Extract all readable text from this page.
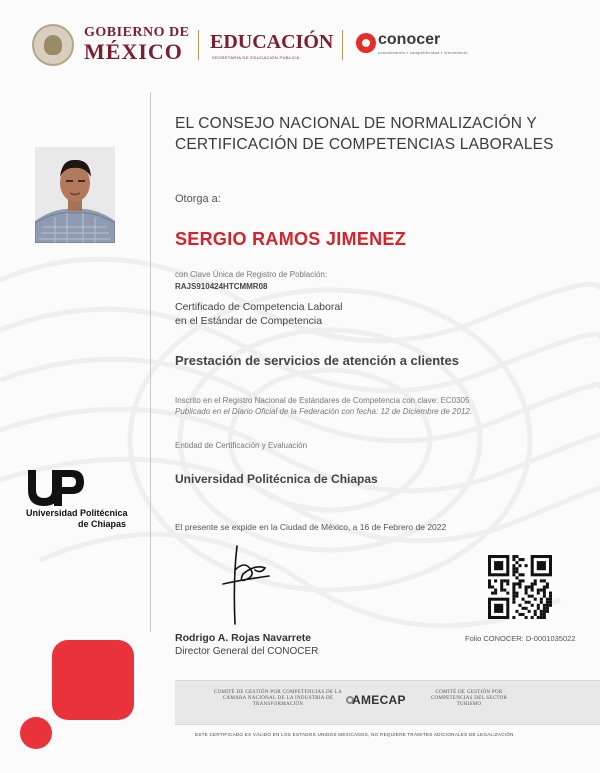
GOBIERNO DE
MÉXICO EDUCACIÓN
SECRETARÍA DE EDUCACIÓN PÚBLICA
conocer
conocimiento ▪ competitividad ▪ crecimiento
EL CONSEJO NACIONAL DE NORMALIZACIÓN Y CERTIFICACIÓN DE COMPETENCIAS LABORALES
Otorga a:
SERGIO RAMOS JIMENEZ
con Clave Única de Registro de Población:
RAJS910424HTCMMR08
Certificado de Competencia Laboral
en el Estándar de Competencia
Prestación de servicios de atención a clientes
Inscrito en el Registro Nacional de Estándares de Competencia con clave: EC0305
Publicado en el Diario Oficial de la Federación con fecha: 12 de Diciembre de 2012.
Entidad de Certificación y Evaluación
Universidad Politécnica de Chiapas
El presente se expide en la Ciudad de México, a 16 de Febrero de 2022
Universidad Politécnica
de Chiapas
Rodrigo A. Rojas Navarrete
Director General del CONOCER
Folio CONOCER: D-0001035022
COMITÉ DE GESTIÓN POR COMPETENCIAS DE LA CÁMARA NACIONAL DE LA INDUSTRIA DE TRANSFORMACIÓN	AMECAP
COMITÉ DE GESTIÓN POR COMPETENCIAS DEL SECTOR TURISMO
ESTE CERTIFICADO ES VÁLIDO EN LOS ESTADOS UNIDOS MEXICANOS, NO REQUIERE TRÁMITES ADICIONALES DE LEGALIZACIÓN
